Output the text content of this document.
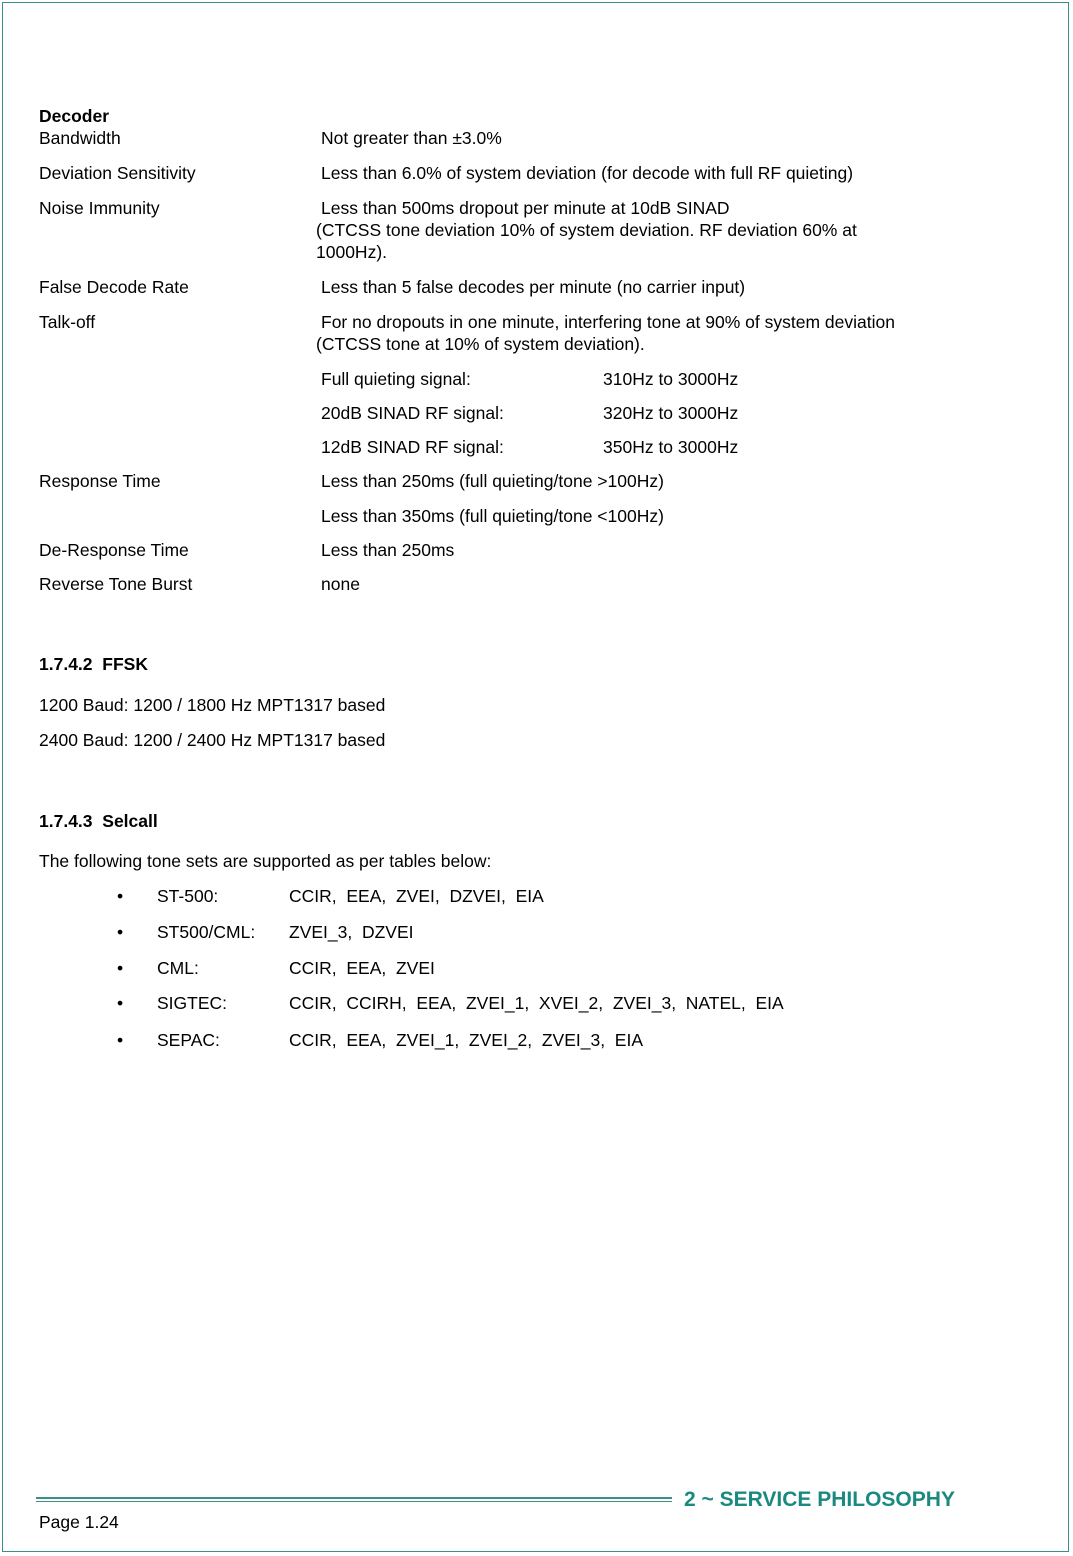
Decoder
Bandwidth	Not greater than ±3.0%
Deviation Sensitivity	Less than 6.0% of system deviation (for decode with full RF quieting)
Noise Immunity	Less than 500ms dropout per minute at 10dB SINAD
(CTCSS tone deviation 10% of system deviation. RF deviation 60% at
1000Hz).
False Decode Rate	Less than 5 false decodes per minute (no carrier input)
Talk-off	For no dropouts in one minute, interfering tone at 90% of system deviation
(CTCSS tone at 10% of system deviation).
Full quieting signal:	310Hz to 3000Hz
20dB SINAD RF signal:	320Hz to 3000Hz
12dB SINAD RF signal:	350Hz to 3000Hz
Response Time	Less than 250ms (full quieting/tone >100Hz)
Less than 350ms (full quieting/tone <100Hz)
De-Response Time	Less than 250ms
Reverse Tone Burst	none
1.7.4.2 FFSK
1200 Baud: 1200 / 1800 Hz MPT1317 based
2400 Baud: 1200 / 2400 Hz MPT1317 based
1.7.4.3 Selcall
The following tone sets are supported as per tables below:
• ST-500:	CCIR,  EEA,  ZVEI,  DZVEI,  EIA
• ST500/CML: ZVEI_3,  DZVEI
• CML:	CCIR,  EEA,  ZVEI
• SIGTEC:	CCIR,  CCIRH,  EEA,  ZVEI_1,  XVEI_2,  ZVEI_3,  NATEL,  EIA
• SEPAC:	CCIR,  EEA,  ZVEI_1,  ZVEI_2,  ZVEI_3,  EIA
2 ~ SERVICE PHILOSOPHY
Page 1.24
